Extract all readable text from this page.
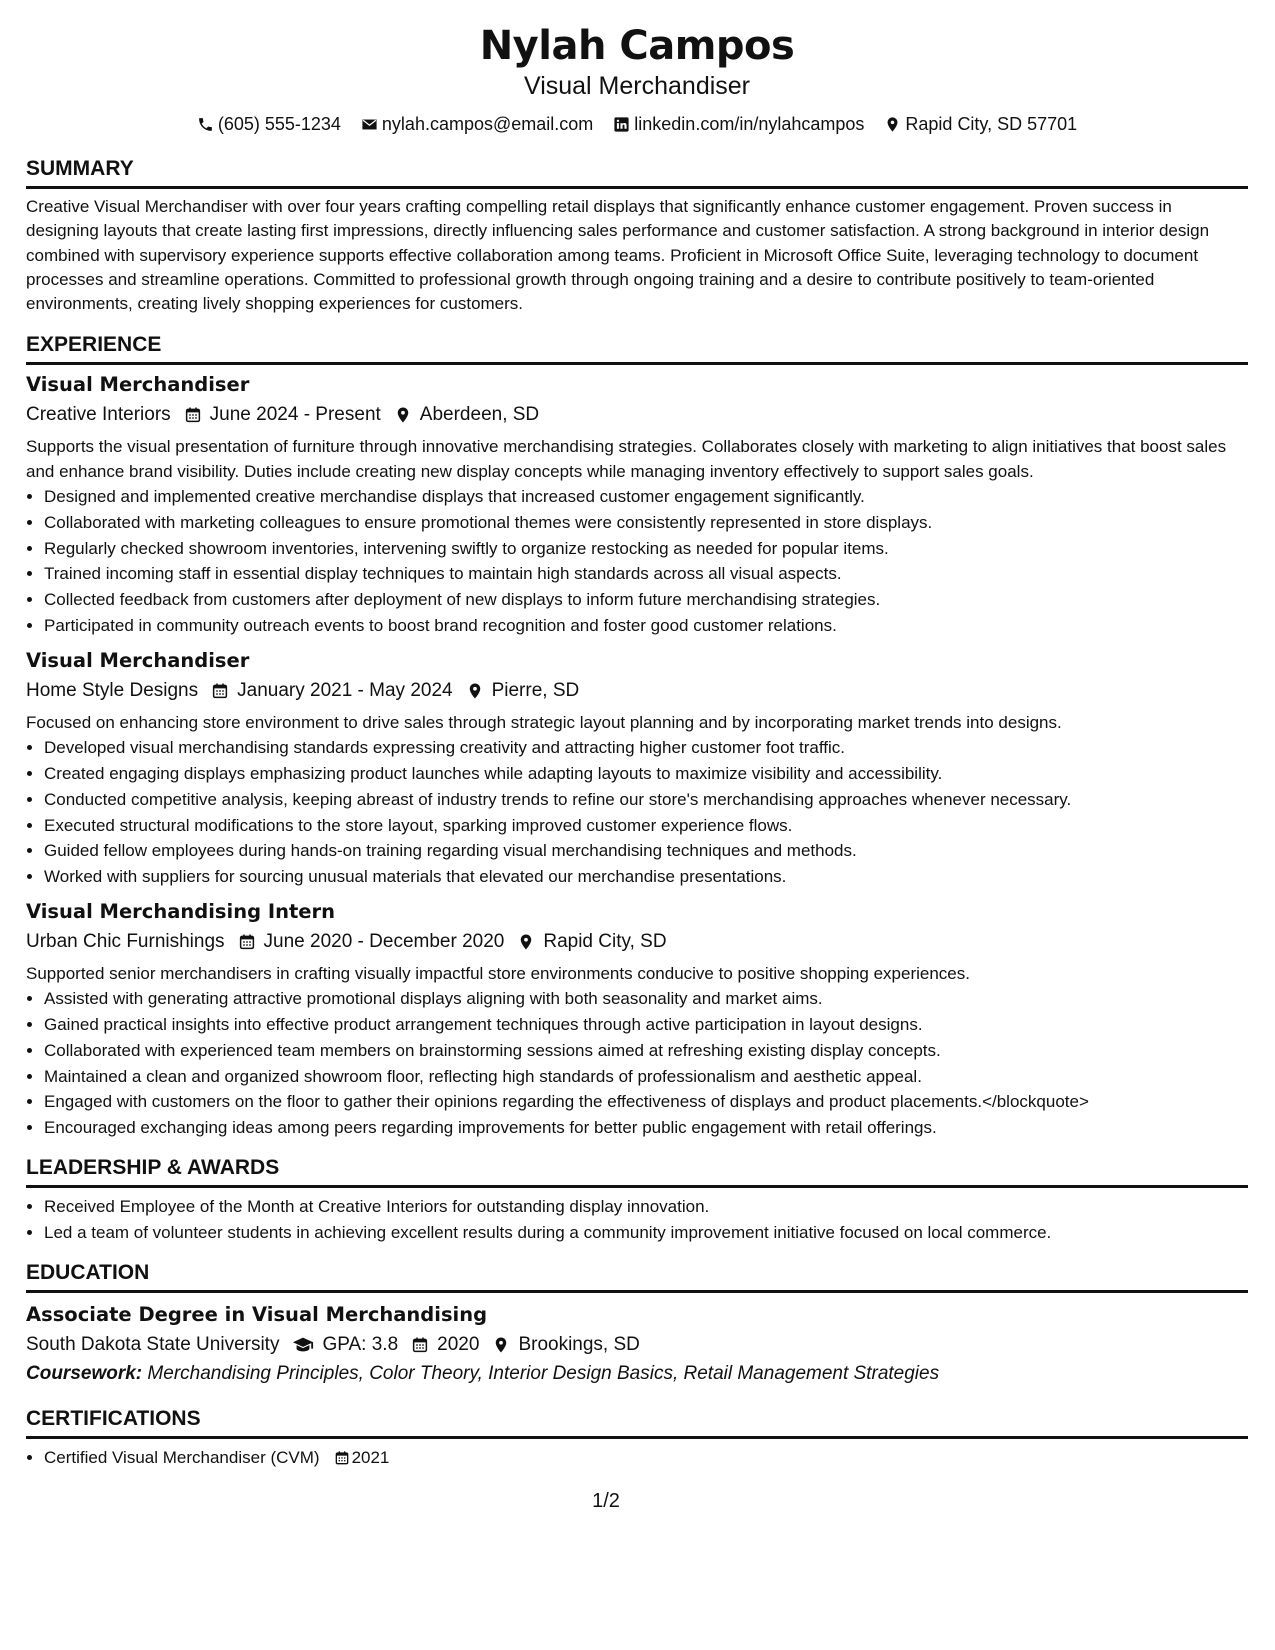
Nylah Campos
Visual Merchandiser
(605) 555-1234 nylah.campos@email.com linkedin.com/in/nylahcampos Rapid City, SD 57701
SUMMARY
Creative Visual Merchandiser with over four years crafting compelling retail displays that significantly enhance customer engagement. Proven success in designing layouts that create lasting first impressions, directly influencing sales performance and customer satisfaction. A strong background in interior design combined with supervisory experience supports effective collaboration among teams. Proficient in Microsoft Office Suite, leveraging technology to document processes and streamline operations. Committed to professional growth through ongoing training and a desire to contribute positively to team-oriented environments, creating lively shopping experiences for customers.
EXPERIENCE
Visual Merchandiser
Creative Interiors June 2024 - Present Aberdeen, SD
Supports the visual presentation of furniture through innovative merchandising strategies. Collaborates closely with marketing to align initiatives that boost sales and enhance brand visibility. Duties include creating new display concepts while managing inventory effectively to support sales goals.
• Designed and implemented creative merchandise displays that increased customer engagement significantly.
• Collaborated with marketing colleagues to ensure promotional themes were consistently represented in store displays.
• Regularly checked showroom inventories, intervening swiftly to organize restocking as needed for popular items.
• Trained incoming staff in essential display techniques to maintain high standards across all visual aspects.
• Collected feedback from customers after deployment of new displays to inform future merchandising strategies.
• Participated in community outreach events to boost brand recognition and foster good customer relations.
Visual Merchandiser
Home Style Designs January 2021 - May 2024 Pierre, SD
Focused on enhancing store environment to drive sales through strategic layout planning and by incorporating market trends into designs.
• Developed visual merchandising standards expressing creativity and attracting higher customer foot traffic.
• Created engaging displays emphasizing product launches while adapting layouts to maximize visibility and accessibility.
• Conducted competitive analysis, keeping abreast of industry trends to refine our store's merchandising approaches whenever necessary.
• Executed structural modifications to the store layout, sparking improved customer experience flows.
• Guided fellow employees during hands-on training regarding visual merchandising techniques and methods.
• Worked with suppliers for sourcing unusual materials that elevated our merchandise presentations.
Visual Merchandising Intern
Urban Chic Furnishings June 2020 - December 2020 Rapid City, SD
Supported senior merchandisers in crafting visually impactful store environments conducive to positive shopping experiences.
• Assisted with generating attractive promotional displays aligning with both seasonality and market aims.
• Gained practical insights into effective product arrangement techniques through active participation in layout designs.
• Collaborated with experienced team members on brainstorming sessions aimed at refreshing existing display concepts.
• Maintained a clean and organized showroom floor, reflecting high standards of professionalism and aesthetic appeal.
• Engaged with customers on the floor to gather their opinions regarding the effectiveness of displays and product placements.</blockquote>
• Encouraged exchanging ideas among peers regarding improvements for better public engagement with retail offerings.
LEADERSHIP & AWARDS
• Received Employee of the Month at Creative Interiors for outstanding display innovation.
• Led a team of volunteer students in achieving excellent results during a community improvement initiative focused on local commerce.
EDUCATION
Associate Degree in Visual Merchandising
South Dakota State University GPA: 3.8 2020 Brookings, SD
Coursework: Merchandising Principles, Color Theory, Interior Design Basics, Retail Management Strategies
CERTIFICATIONS
• Certified Visual Merchandiser (CVM) 2021
1/2
